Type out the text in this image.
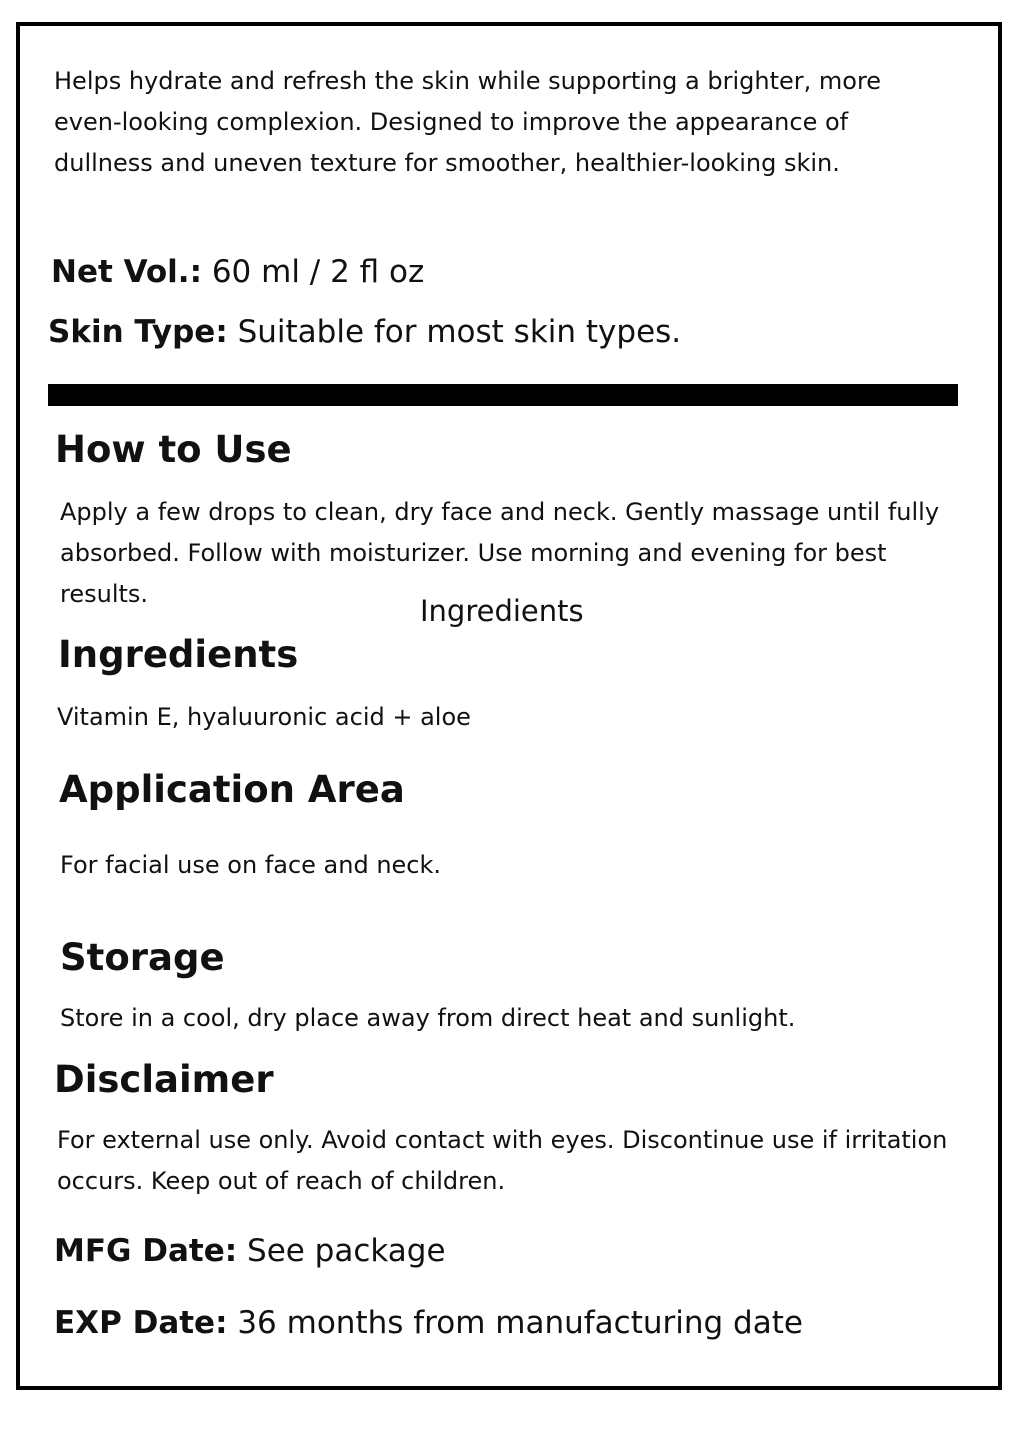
Helps hydrate and refresh the skin while supporting a brighter, more even-looking complexion. Designed to improve the appearance of dullness and uneven texture for smoother, healthier-looking skin.

Net Vol.: 60 ml / 2 fl oz

Skin Type: Suitable for most skin types.

How to Use

Apply a few drops to clean, dry face and neck. Gently massage until fully absorbed. Follow with moisturizer. Use morning and evening for best results.	Ingredients

Ingredients

Vitamin E, hyaluuronic acid + aloe

Application Area

For facial use on face and neck.

Storage

Store in a cool, dry place away from direct heat and sunlight.

Disclaimer

For external use only. Avoid contact with eyes. Discontinue use if irritation occurs. Keep out of reach of children.

MFG Date: See package

EXP Date: 36 months from manufacturing date
